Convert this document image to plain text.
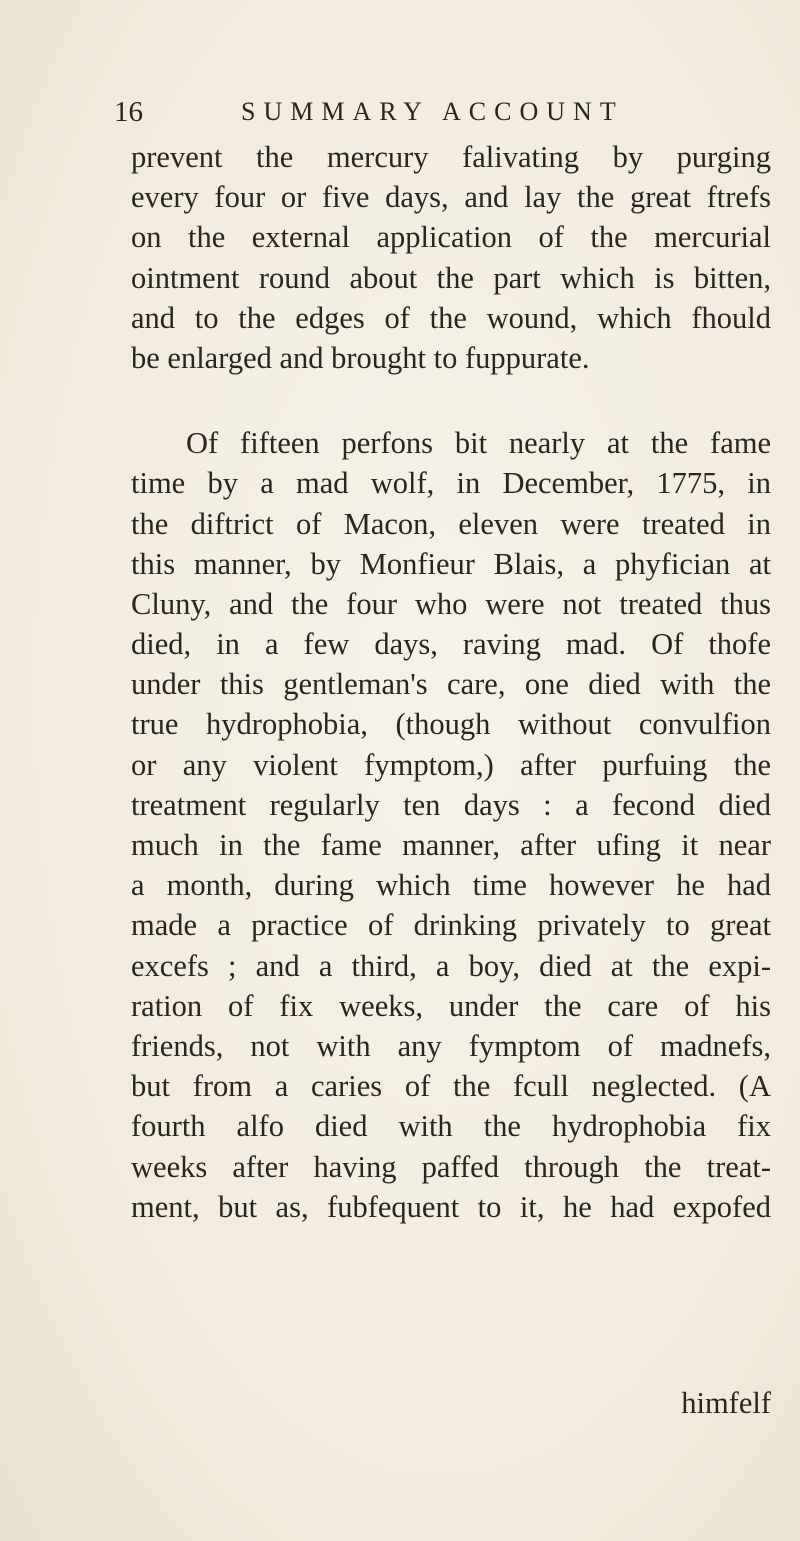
16	SUMMARY ACCOUNT
prevent the mercury falivating by purging
every four or five days, and lay the great ftrefs
on the external application of the mercurial
ointment round about the part which is bitten,
and to the edges of the wound, which fhould
be enlarged and brought to fuppurate.
Of fifteen perfons bit nearly at the fame
time by a mad wolf, in December, 1775, in
the diftrict of Macon, eleven were treated in
this manner, by Monfieur Blais, a phyfician at
Cluny, and the four who were not treated thus
died, in a few days, raving mad. Of thofe
under this gentleman's care, one died with the
true hydrophobia, (though without convulfion
or any violent fymptom,) after purfuing the
treatment regularly ten days : a fecond died
much in the fame manner, after ufing it near
a month, during which time however he had
made a practice of drinking privately to great
excefs ; and a third, a boy, died at the expi-
ration of fix weeks, under the care of his
friends, not with any fymptom of madnefs,
but from a caries of the fcull neglected. (A
fourth alfo died with the hydrophobia fix
weeks after having paffed through the treat-
ment, but as, fubfequent to it, he had expofed
himfelf
